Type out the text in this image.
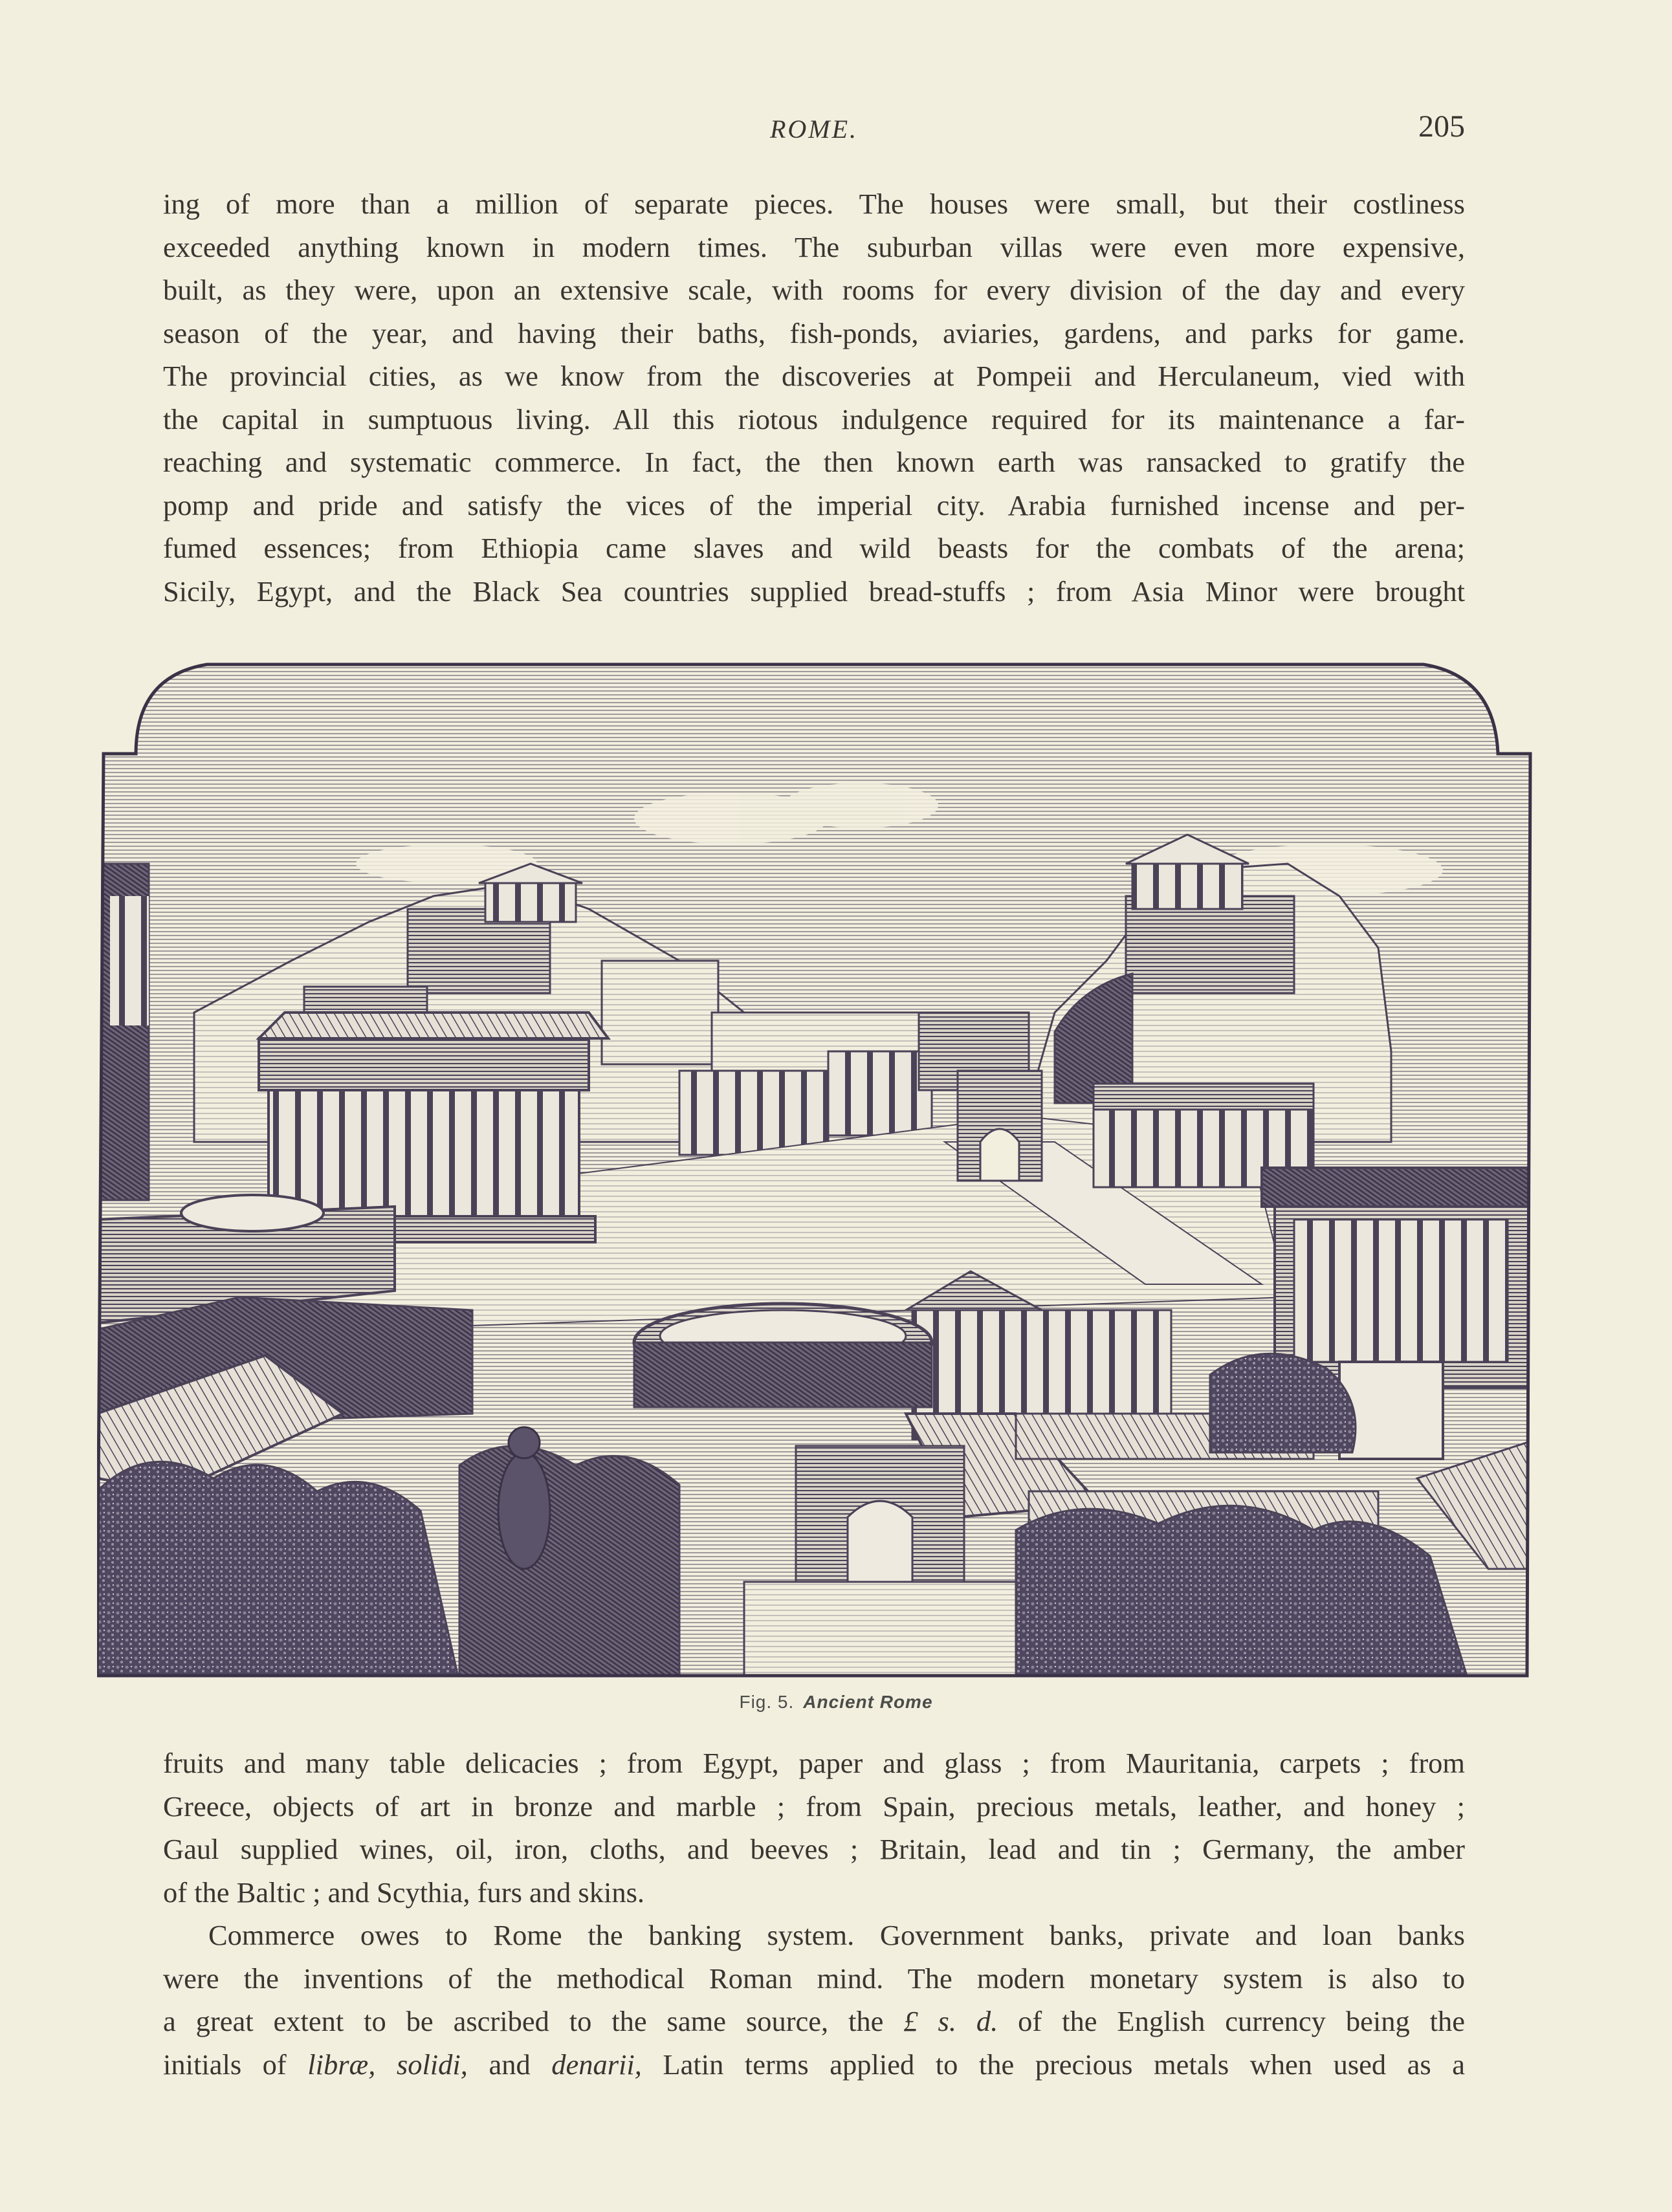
ROME.	205
ing of more than a million of separate pieces. The houses were small, but their costliness
exceeded anything known in modern times. The suburban villas were even more expensive,
built, as they were, upon an extensive scale, with rooms for every division of the day and every
season of the year, and having their baths, fish-ponds, aviaries, gardens, and parks for game.
The provincial cities, as we know from the discoveries at Pompeii and Herculaneum, vied with
the capital in sumptuous living. All this riotous indulgence required for its maintenance a far-
reaching and systematic commerce. In fact, the then known earth was ransacked to gratify the
pomp and pride and satisfy the vices of the imperial city. Arabia furnished incense and per-
fumed essences; from Ethiopia came slaves and wild beasts for the combats of the arena;
Sicily, Egypt, and the Black Sea countries supplied bread-stuffs ; from Asia Minor were brought
Fig. 5. Ancient Rome
fruits and many table delicacies ; from Egypt, paper and glass ; from Mauritania, carpets ; from
Greece, objects of art in bronze and marble ; from Spain, precious metals, leather, and honey ;
Gaul supplied wines, oil, iron, cloths, and beeves ; Britain, lead and tin ; Germany, the amber
of the Baltic ; and Scythia, furs and skins.
Commerce owes to Rome the banking system. Government banks, private and loan banks
were the inventions of the methodical Roman mind. The modern monetary system is also to
a great extent to be ascribed to the same source, the £ s. d. of the English currency being the
initials of libræ, solidi, and denarii, Latin terms applied to the precious metals when used as a
